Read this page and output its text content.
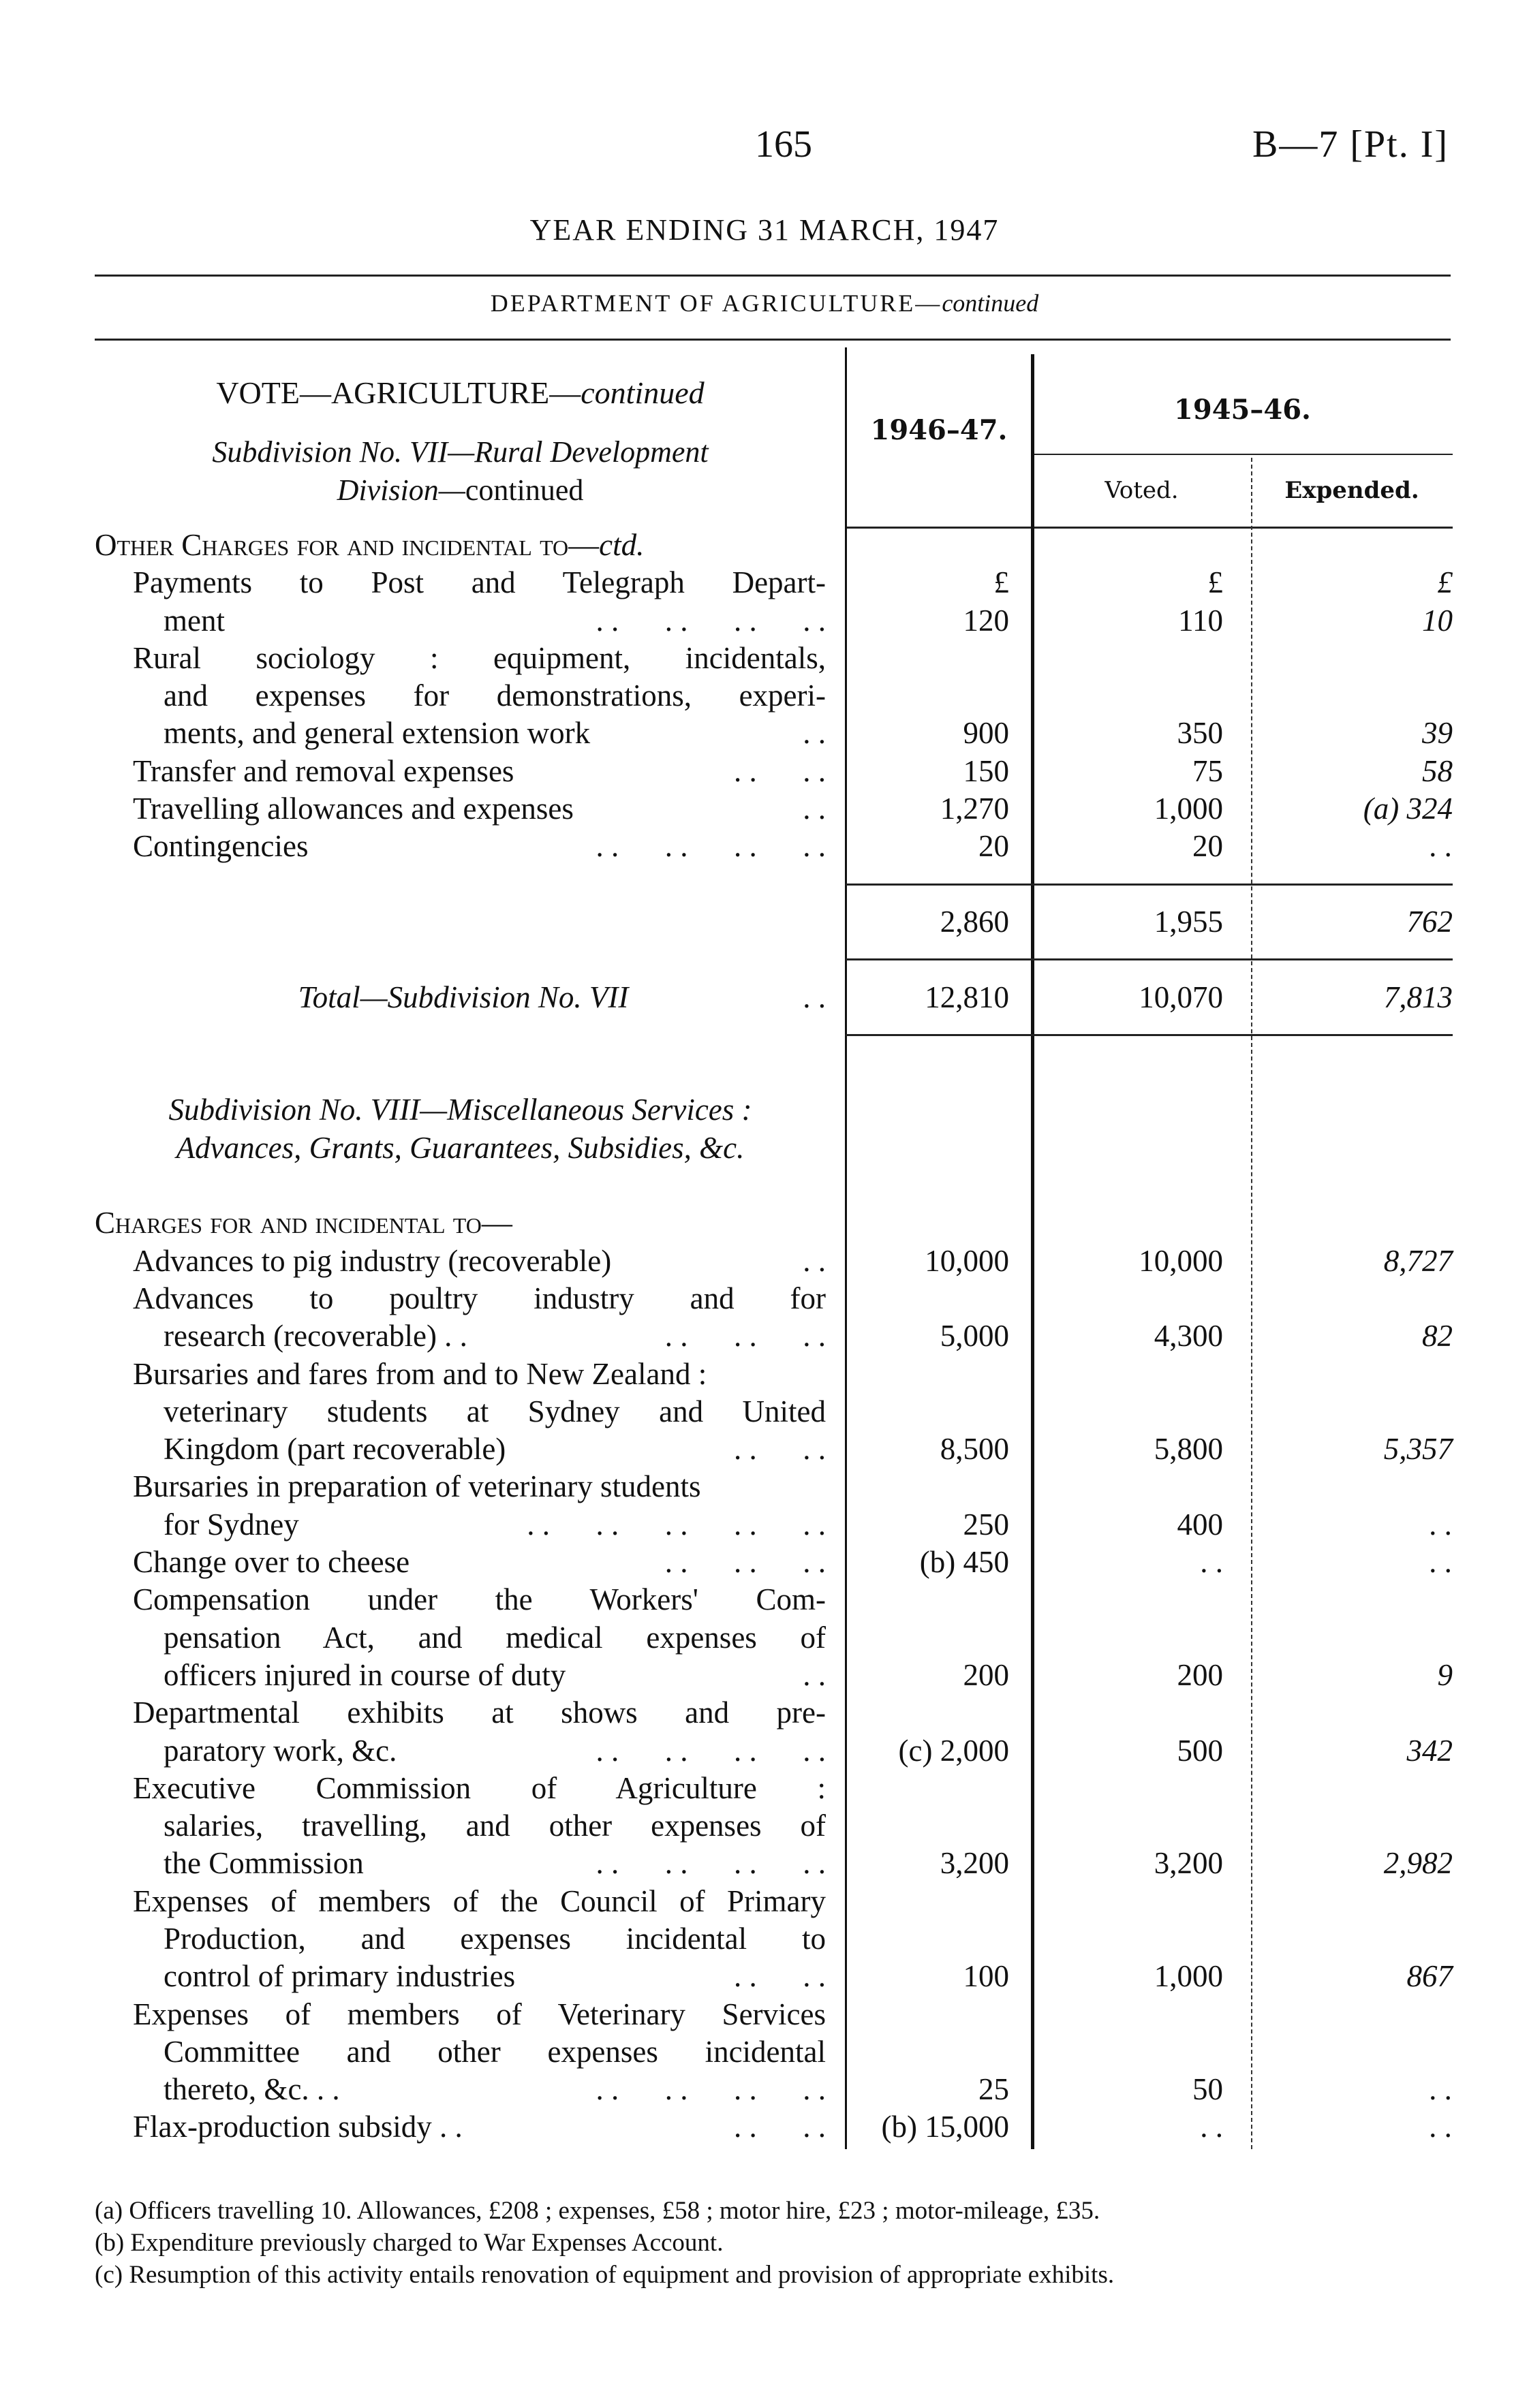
165	B—7 [Pt. I]
YEAR ENDING 31 MARCH, 1947
DEPARTMENT OF AGRICULTURE—continued
VOTE—AGRICULTURE—continued
Subdivision No. VII—Rural Development
Division—continued
1946–47.
1945–46.
Voted.	Expended.
Other Charges for and incidental to—ctd.
Payments to Post and Telegraph Depart-	£	£	£
ment	. .      . .      . .      . .	120	110	10
Rural sociology : equipment, incidentals,
and expenses for demonstrations, experi-
ments, and general extension work	. .	900	350	39
Transfer and removal expenses	. .      . .	150	75	58
Travelling allowances and expenses	. .	1,270	1,000	(a) 324
Contingencies	. .      . .      . .      . .	20	20	. .
2,860	1,955	762
Total—Subdivision No. VII	. .	12,810	10,070	7,813
Subdivision No. VIII—Miscellaneous Services :
Advances, Grants, Guarantees, Subsidies, &c.
Charges for and incidental to—
Advances to pig industry (recoverable)	. .	10,000	10,000	8,727
Advances to poultry industry and for
research (recoverable) . .	. .      . .      . .	5,000	4,300	82
Bursaries and fares from and to New Zealand :
veterinary students at Sydney and United
Kingdom (part recoverable)	. .      . .	8,500	5,800	5,357
Bursaries in preparation of veterinary students
for Sydney	. .      . .      . .      . .      . .	250	400	. .
Change over to cheese	. .      . .      . .	(b) 450	. .	. .
Compensation under the Workers' Com-
pensation Act, and medical expenses of
officers injured in course of duty	. .	200	200	9
Departmental exhibits at shows and pre-
paratory work, &c.	. .      . .      . .      . . (c) 2,000	500	342
Executive Commission of Agriculture :
salaries, travelling, and other expenses of
the Commission	. .      . .      . .      . .	3,200	3,200	2,982
Expenses of members of the Council of Primary
Production, and expenses incidental to
control of primary industries	. .      . .	100	1,000	867
Expenses of members of Veterinary Services
Committee and other expenses incidental
thereto, &c. . .	. .      . .      . .      . .	25	50	. .
Flax-production subsidy . .	. .      . . (b) 15,000	. .	. .
(a) Officers travelling 10. Allowances, £208 ; expenses, £58 ; motor hire, £23 ; motor-mileage, £35.
(b) Expenditure previously charged to War Expenses Account.
(c) Resumption of this activity entails renovation of equipment and provision of appropriate exhibits.
